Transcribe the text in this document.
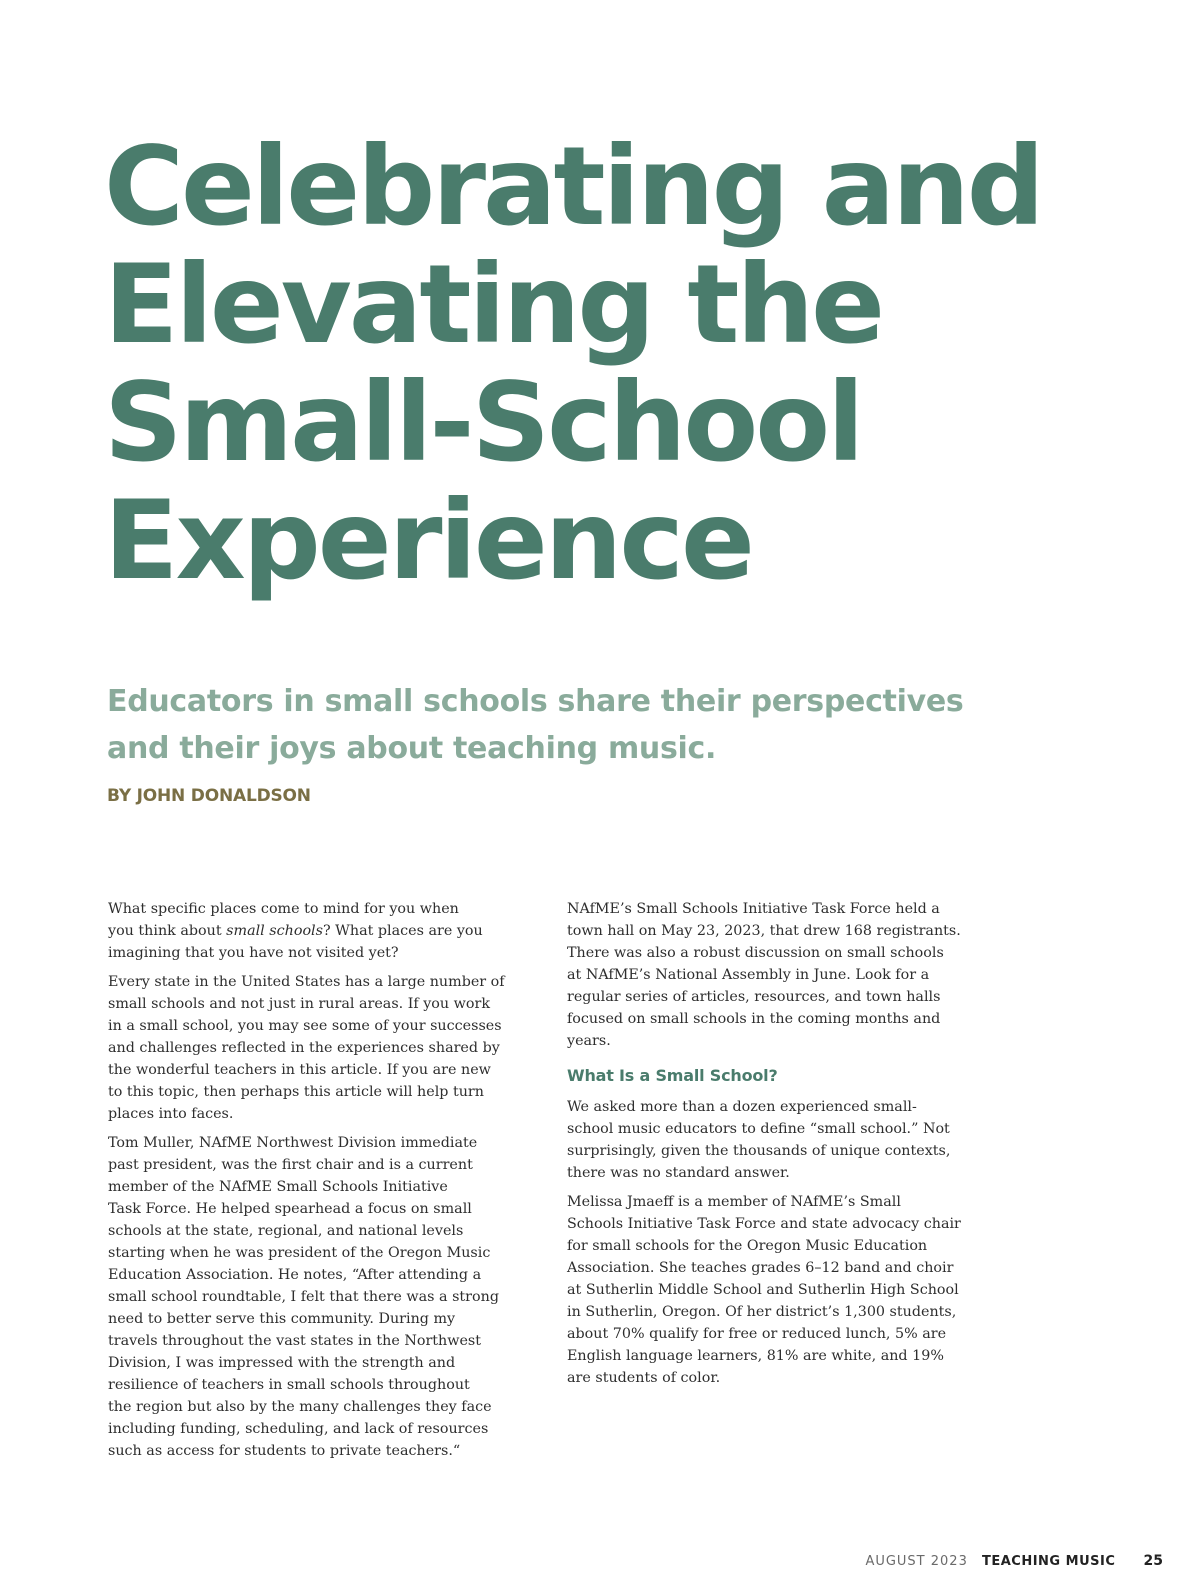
Celebrating and
Elevating the
Small-School
Experience
Educators in small schools share their perspectives
and their joys about teaching music.
BY JOHN DONALDSON

What specific places come to mind for you when
you think about small schools? What places are you
imagining that you have not visited yet?

Every state in the United States has a large number of
small schools and not just in rural areas. If you work
in a small school, you may see some of your successes
and challenges reflected in the experiences shared by
the wonderful teachers in this article. If you are new
to this topic, then perhaps this article will help turn
places into faces.

Tom Muller, NAfME Northwest Division immediate
past president, was the first chair and is a current
member of the NAfME Small Schools Initiative
Task Force. He helped spearhead a focus on small
schools at the state, regional, and national levels
starting when he was president of the Oregon Music
Education Association. He notes, “After attending a
small school roundtable, I felt that there was a strong
need to better serve this community. During my
travels throughout the vast states in the Northwest
Division, I was impressed with the strength and
resilience of teachers in small schools throughout
the region but also by the many challenges they face
including funding, scheduling, and lack of resources
such as access for students to private teachers.“

NAfME’s Small Schools Initiative Task Force held a
town hall on May 23, 2023, that drew 168 registrants.
There was also a robust discussion on small schools
at NAfME’s National Assembly in June. Look for a
regular series of articles, resources, and town halls
focused on small schools in the coming months and
years.

What Is a Small School?

We asked more than a dozen experienced small-
school music educators to define “small school.” Not
surprisingly, given the thousands of unique contexts,
there was no standard answer.

Melissa Jmaeff is a member of NAfME’s Small
Schools Initiative Task Force and state advocacy chair
for small schools for the Oregon Music Education
Association. She teaches grades 6–12 band and choir
at Sutherlin Middle School and Sutherlin High School
in Sutherlin, Oregon. Of her district’s 1,300 students,
about 70% qualify for free or reduced lunch, 5% are
English language learners, 81% are white, and 19%
are students of color.

AUGUST 2023 TEACHING MUSIC 25
